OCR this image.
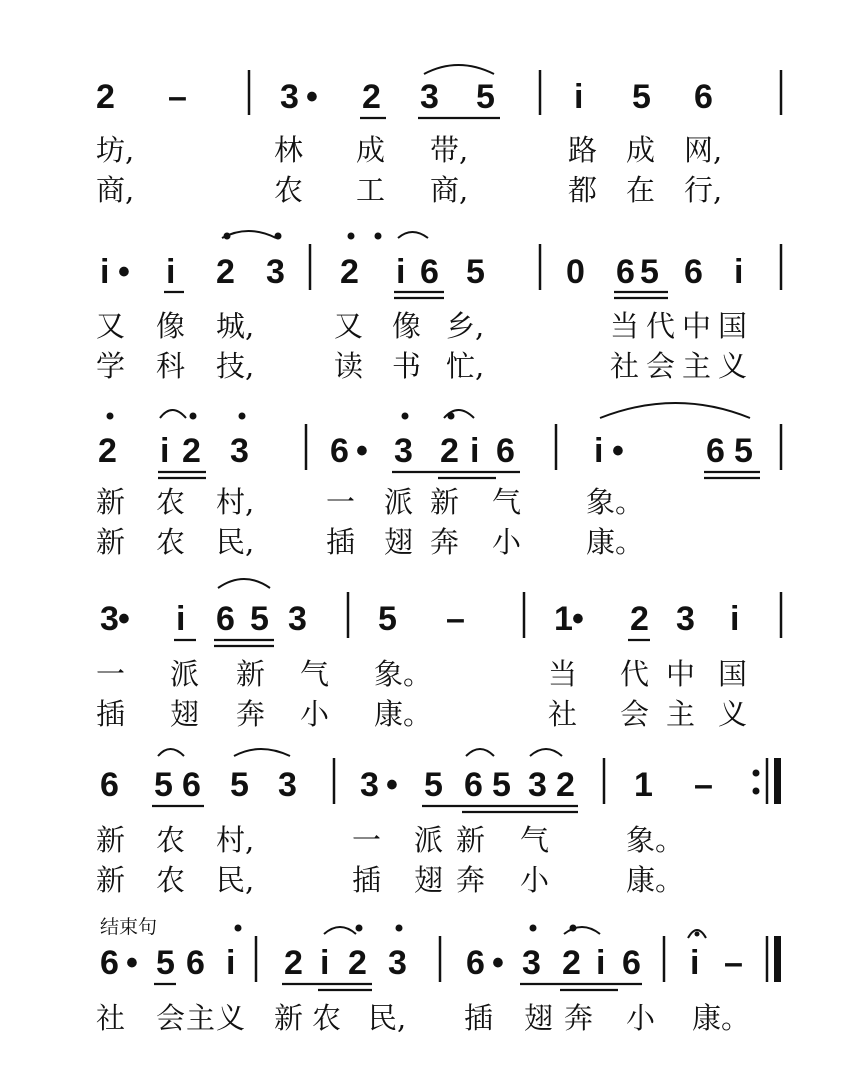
2 –	3 • 2 3 5 i 5 6
坊,	林 成 带,	路 成 网,
商,	农 工 商,	都 在 行,
i • i 2 3 2 i 6 5 0 6 5 6 i
又 像 城,	又 像 乡,	当 代 中 国
学 科 技,	读 书 忙,	社 会 主 义
2 i 2 3 6 • 3 2 i 6 i • 6 5
新 农 村, 一 派 新 气 象。
新 农 民, 插 翅 奔 小 康。
3 • i 6 5 3 5 –	1 • 2 3 i
一 派 新 气 象。	当 代 中 国
插 翅 奔 小 康。	社 会 主 义
6 5 6 5 3 3 • 5 6 5 3 2 1 –
新 农 村,	一 派 新 气	象。
新 农 民,	插 翅 奔 小	康。
结束句
6 • 5 6 i 2 i 2 3 6 • 3 2 i 6 i –
社 会 主 义 新 农 民, 插 翅 奔 小 康。
